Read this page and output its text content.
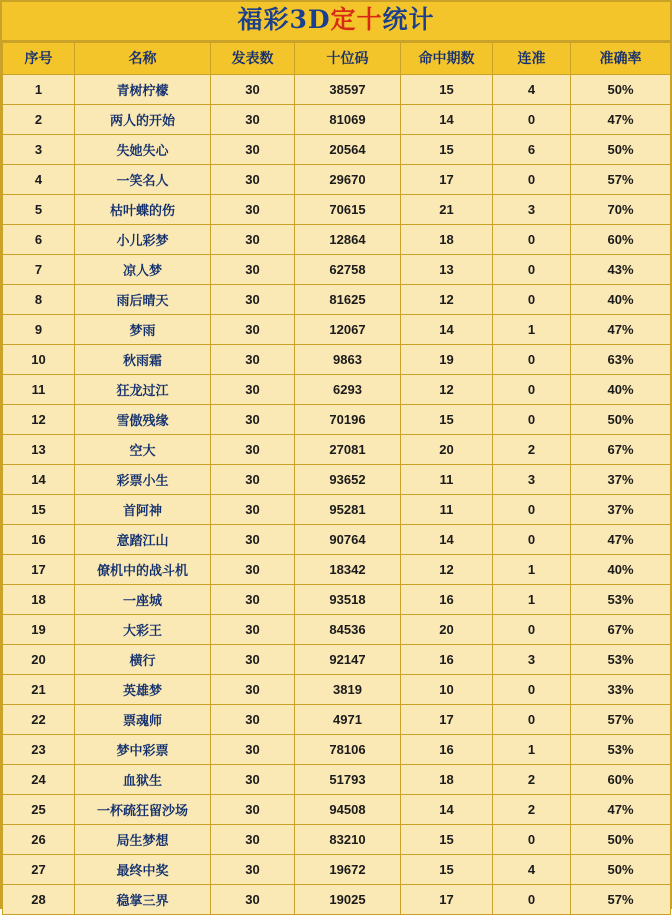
福彩3D定十统计
序号	名称	发表数	十位码	命中期数	连准	准确率
1	青树柠檬	30	38597	15	4	50%
2	两人的开始	30	81069	14	0	47%
3	失她失心	30	20564	15	6	50%
4	一笑名人	30	29670	17	0	57%
5	枯叶蝶的伤	30	70615	21	3	70%
6	小儿彩梦	30	12864	18	0	60%
7	凉人梦	30	62758	13	0	43%
8	雨后晴天	30	81625	12	0	40%
9	梦雨	30	12067	14	1	47%
10	秋雨霜	30	9863	19	0	63%
11	狂龙过江	30	6293	12	0	40%
12	雪傲残缘	30	70196	15	0	50%
13	空大	30	27081	20	2	67%
14	彩票小生	30	93652	11	3	37%
15	首阿神	30	95281	11	0	37%
16	意踏江山	30	90764	14	0	47%
17	僚机中的战斗机	30	18342	12	1	40%
18	一座城	30	93518	16	1	53%
19	大彩王	30	84536	20	0	67%
20	横行	30	92147	16	3	53%
21	英雄梦	30	3819	10	0	33%
22	票魂师	30	4971	17	0	57%
23	梦中彩票	30	78106	16	1	53%
24	血狱生	30	51793	18	2	60%
25	一杯疏狂留沙场	30	94508	14	2	47%
26	局生梦想	30	83210	15	0	50%
27	最终中奖	30	19672	15	4	50%
28	稳掌三界	30	19025	17	0	57%
